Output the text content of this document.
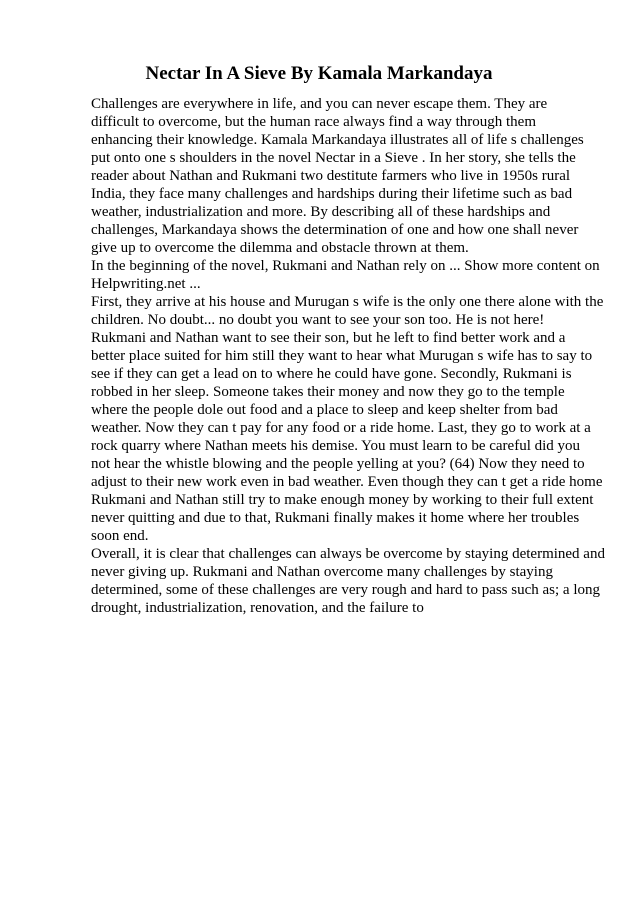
Nectar In A Sieve By Kamala Markandaya

Challenges are everywhere in life, and you can never escape them. They are
difficult to overcome, but the human race always find a way through them
enhancing their knowledge. Kamala Markandaya illustrates all of life s challenges
put onto one s shoulders in the novel Nectar in a Sieve . In her story, she tells the
reader about Nathan and Rukmani two destitute farmers who live in 1950s rural
India, they face many challenges and hardships during their lifetime such as bad
weather, industrialization and more. By describing all of these hardships and
challenges, Markandaya shows the determination of one and how one shall never
give up to overcome the dilemma and obstacle thrown at them.

In the beginning of the novel, Rukmani and Nathan rely on ... Show more content on
Helpwriting.net ...

First, they arrive at his house and Murugan s wife is the only one there alone with the
children. No doubt... no doubt you want to see your son too. He is not here!
Rukmani and Nathan want to see their son, but he left to find better work and a
better place suited for him still they want to hear what Murugan s wife has to say to
see if they can get a lead on to where he could have gone. Secondly, Rukmani is
robbed in her sleep. Someone takes their money and now they go to the temple
where the people dole out food and a place to sleep and keep shelter from bad
weather. Now they can t pay for any food or a ride home. Last, they go to work at a
rock quarry where Nathan meets his demise. You must learn to be careful did you
not hear the whistle blowing and the people yelling at you? (64) Now they need to
adjust to their new work even in bad weather. Even though they can t get a ride home
Rukmani and Nathan still try to make enough money by working to their full extent
never quitting and due to that, Rukmani finally makes it home where her troubles
soon end.

Overall, it is clear that challenges can always be overcome by staying determined and
never giving up. Rukmani and Nathan overcome many challenges by staying
determined, some of these challenges are very rough and hard to pass such as; a long
drought, industrialization, renovation, and the failure to
